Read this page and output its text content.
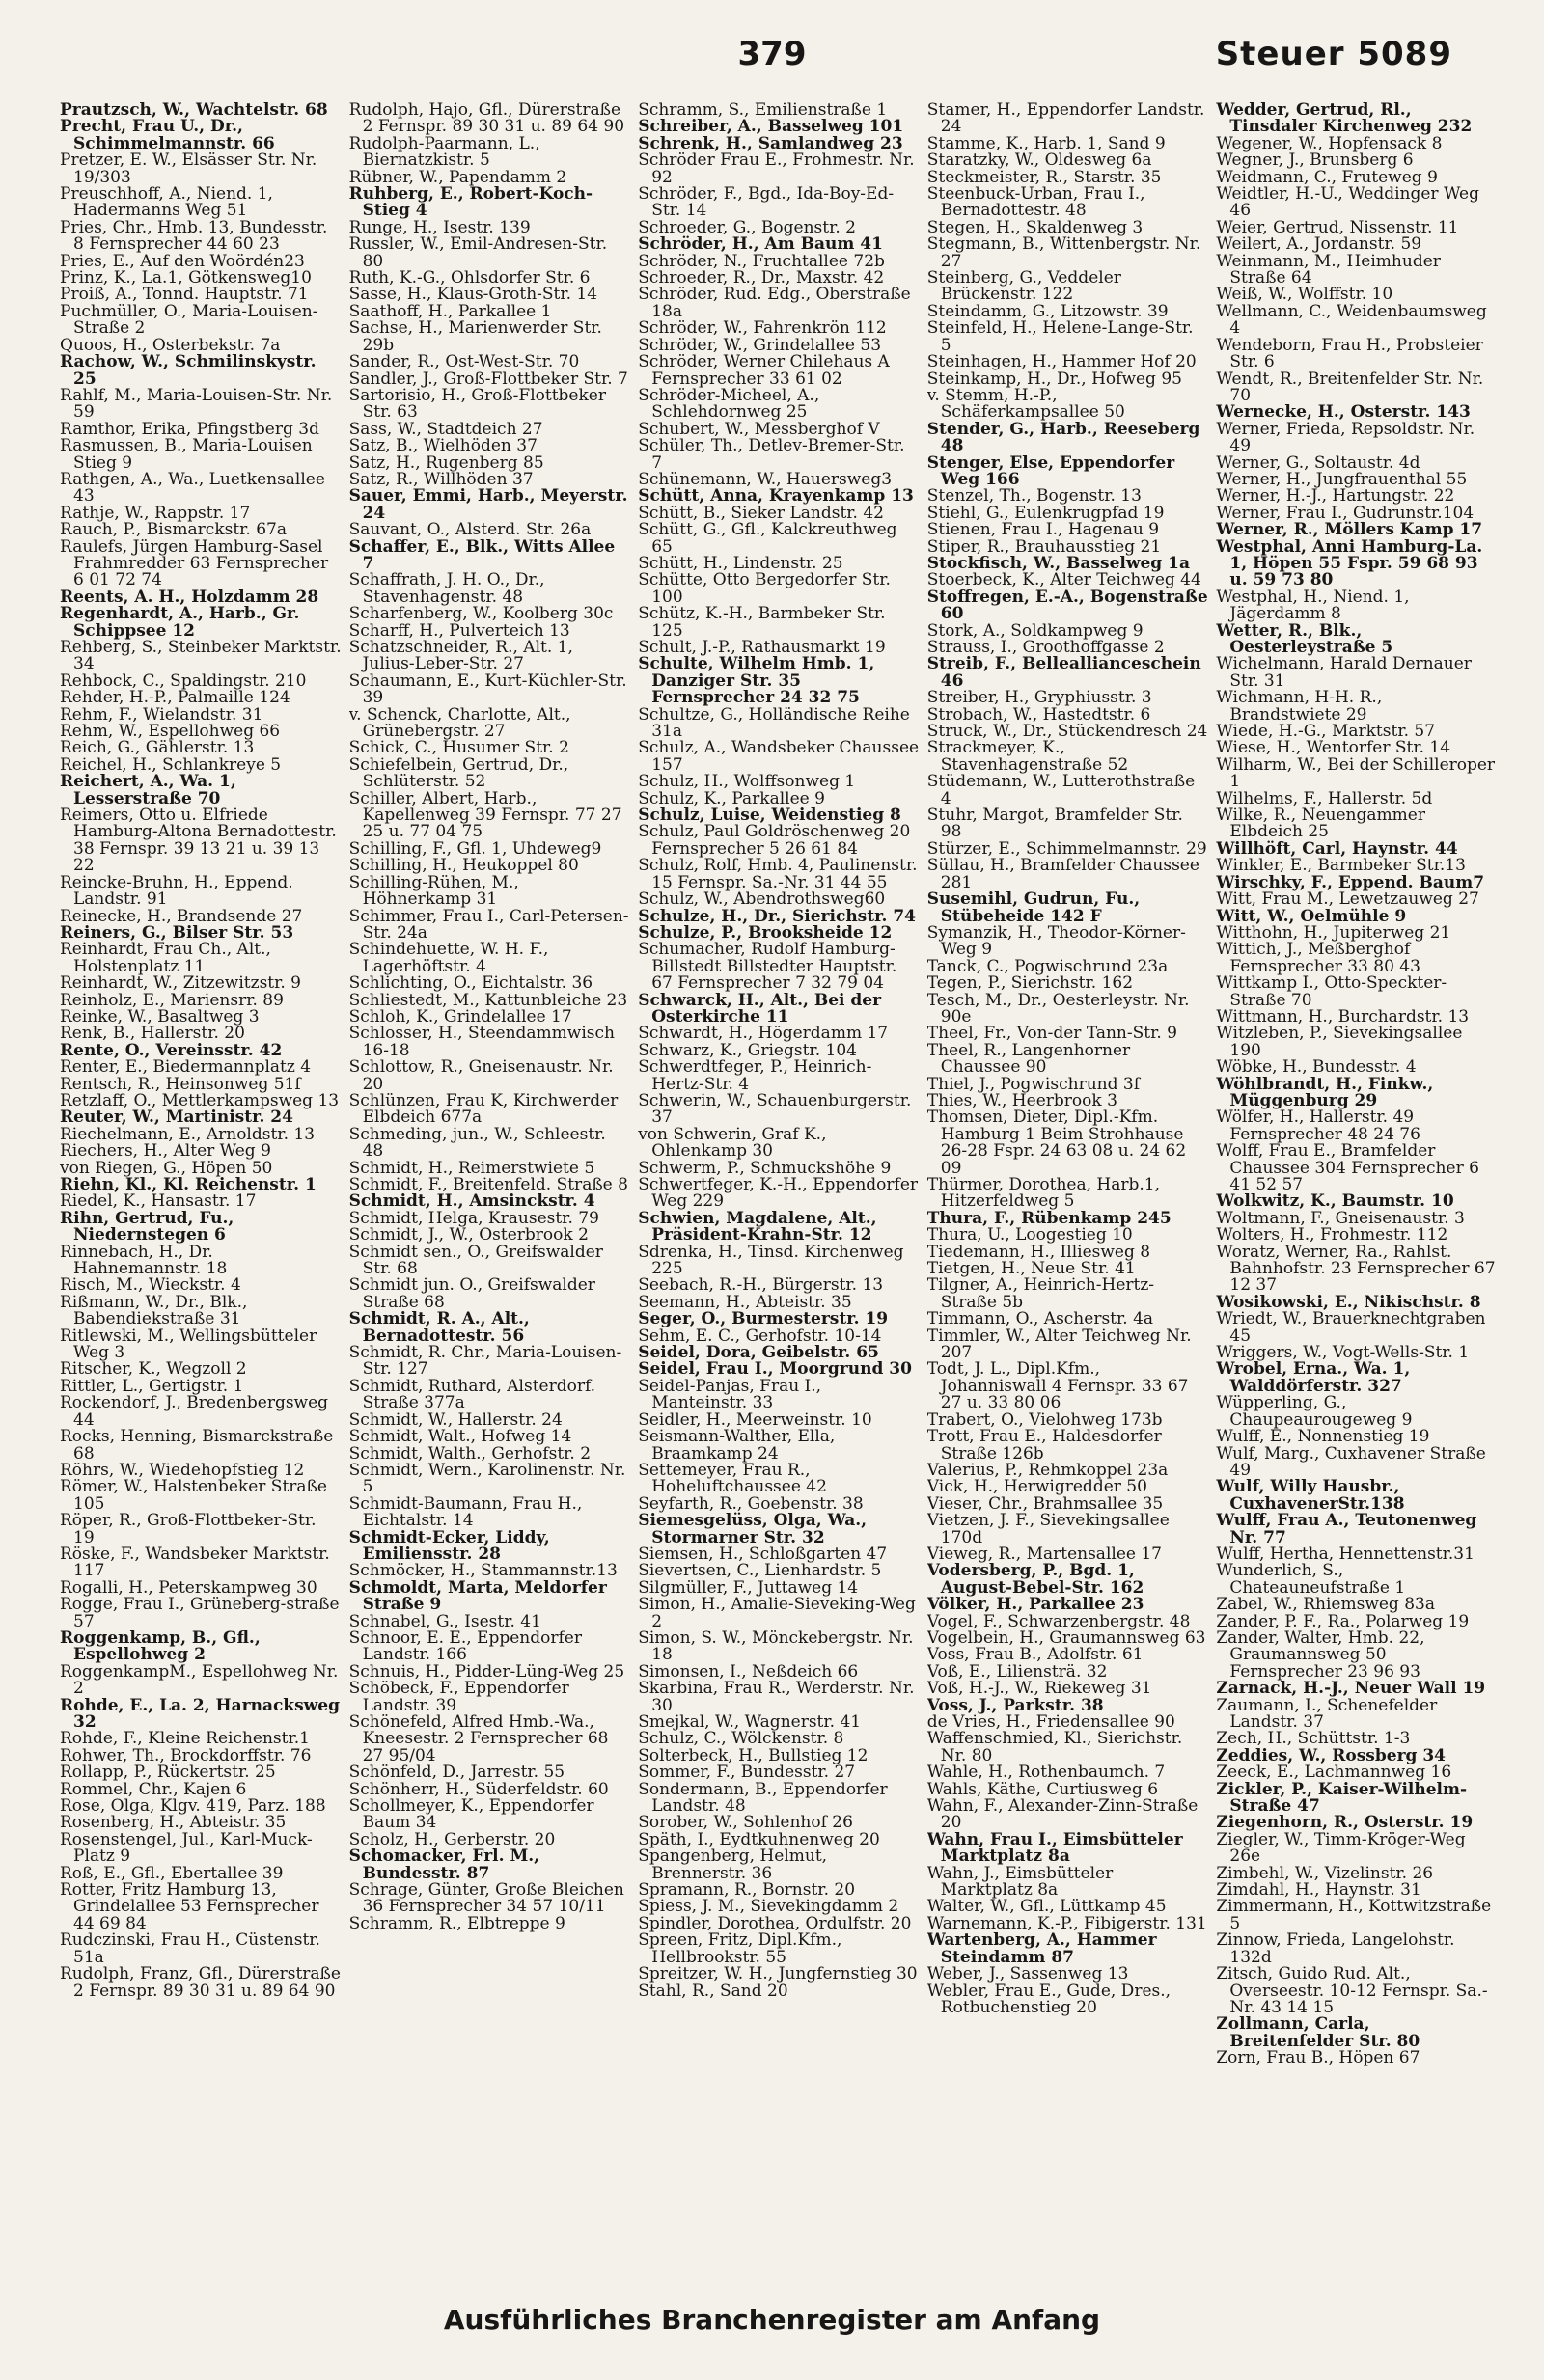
379	Steuer 5089

Prautzsch, W., Wachtelstr. 68

Precht, Frau U., Dr., Schimmelmannstr. 66

Pretzer, E. W., Elsässer Str. Nr. 19/303

Preuschhoff, A., Niend. 1, Hadermanns Weg 51

Pries, Chr., Hmb. 13, Bundesstr. 8 Fernsprecher 44 60 23

Pries, E., Auf den Woördén23

Prinz, K., La.1, Götkensweg10

Proiß, A., Tonnd. Hauptstr. 71

Puchmüller, O., Maria-Louisen-Straße 2

Quoos, H., Osterbekstr. 7a

Rachow, W., Schmilinskystr. 25

Rahlf, M., Maria-Louisen-Str. Nr. 59

Ramthor, Erika, Pfingstberg 3d

Rasmussen, B., Maria-Louisen Stieg 9

Rathgen, A., Wa., Luetkensallee 43

Rathje, W., Rappstr. 17

Rauch, P., Bismarckstr. 67a

Raulefs, Jürgen Hamburg-Sasel Frahmredder 63 Fernsprecher 6 01 72 74

Reents, A. H., Holzdamm 28

Regenhardt, A., Harb., Gr. Schippsee 12

Rehberg, S., Steinbeker Marktstr. 34

Rehbock, C., Spaldingstr. 210

Rehder, H.-P., Palmaille 124

Rehm, F., Wielandstr. 31

Rehm, W., Espellohweg 66

Reich, G., Gählerstr. 13

Reichel, H., Schlankreye 5

Reichert, A., Wa. 1, Lesserstraße 70

Reimers, Otto u. Elfriede Hamburg-Altona Bernadottestr. 38 Fernspr. 39 13 21 u. 39 13 22

Reincke-Bruhn, H., Eppend. Landstr. 91

Reinecke, H., Brandsende 27

Reiners, G., Bilser Str. 53

Reinhardt, Frau Ch., Alt., Holstenplatz 11

Reinhardt, W., Zitzewitzstr. 9

Reinholz, E., Mariensrr. 89

Reinke, W., Basaltweg 3

Renk, B., Hallerstr. 20

Rente, O., Vereinsstr. 42

Renter, E., Biedermannplatz 4

Rentsch, R., Heinsonweg 51f

Retzlaff, O., Mettlerkampsweg 13

Reuter, W., Martinistr. 24

Riechelmann, E., Arnoldstr. 13

Riechers, H., Alter Weg 9

von Riegen, G., Höpen 50

Riehn, Kl., Kl. Reichenstr. 1

Riedel, K., Hansastr. 17

Rihn, Gertrud, Fu., Niedernstegen 6

Rinnebach, H., Dr. Hahnemannstr. 18

Risch, M., Wieckstr. 4

Rißmann, W., Dr., Blk., Babendiekstraße 31

Ritlewski, M., Wellingsbütteler Weg 3

Ritscher, K., Wegzoll 2

Rittler, L., Gertigstr. 1

Rockendorf, J., Bredenbergsweg 44

Rocks, Henning, Bismarckstraße 68

Röhrs, W., Wiedehopfstieg 12

Römer, W., Halstenbeker Straße 105

Röper, R., Groß-Flottbeker-Str. 19

Röske, F., Wandsbeker Marktstr. 117

Rogalli, H., Peterskampweg 30

Rogge, Frau I., Grüneberg-straße 57

Roggenkamp, B., Gfl., Espellohweg 2

RoggenkampM., Espellohweg Nr. 2

Rohde, E., La. 2, Harnacksweg 32

Rohde, F., Kleine Reichenstr.1

Rohwer, Th., Brockdorffstr. 76

Rollapp, P., Rückertstr. 25

Rommel, Chr., Kajen 6

Rose, Olga, Klgv. 419, Parz. 188

Rosenberg, H., Abteistr. 35

Rosenstengel, Jul., Karl-Muck-Platz 9

Roß, E., Gfl., Ebertallee 39

Rotter, Fritz Hamburg 13, Grindelallee 53 Fernsprecher 44 69 84

Rudczinski, Frau H., Cüstenstr. 51a

Rudolph, Franz, Gfl., Dürerstraße 2 Fernspr. 89 30 31 u. 89 64 90

Rudolph, Hajo, Gfl., Dürerstraße 2 Fernspr. 89 30 31 u. 89 64 90

Rudolph-Paarmann, L., Biernatzkistr. 5

Rübner, W., Papendamm 2

Ruhberg, E., Robert-Koch-Stieg 4

Runge, H., Isestr. 139

Russler, W., Emil-Andresen-Str. 80

Ruth, K.-G., Ohlsdorfer Str. 6

Sasse, H., Klaus-Groth-Str. 14

Saathoff, H., Parkallee 1

Sachse, H., Marienwerder Str. 29b

Sander, R., Ost-West-Str. 70

Sandler, J., Groß-Flottbeker Str. 7

Sartorisio, H., Groß-Flottbeker Str. 63

Sass, W., Stadtdeich 27

Satz, B., Wielhöden 37

Satz, H., Rugenberg 85

Satz, R., Willhöden 37

Sauer, Emmi, Harb., Meyerstr. 24

Sauvant, O., Alsterd. Str. 26a

Schaffer, E., Blk., Witts Allee 7

Schaffrath, J. H. O., Dr., Stavenhagenstr. 48

Scharfenberg, W., Koolberg 30c

Scharff, H., Pulverteich 13

Schatzschneider, R., Alt. 1, Julius-Leber-Str. 27

Schaumann, E., Kurt-Küchler-Str. 39

v. Schenck, Charlotte, Alt., Grünebergstr. 27

Schick, C., Husumer Str. 2

Schiefelbein, Gertrud, Dr., Schlüterstr. 52

Schiller, Albert, Harb., Kapellenweg 39 Fernspr. 77 27 25 u. 77 04 75

Schilling, F., Gfl. 1, Uhdeweg9

Schilling, H., Heukoppel 80

Schilling-Rühen, M., Höhnerkamp 31

Schimmer, Frau I., Carl-Petersen-Str. 24a

Schindehuette, W. H. F., Lagerhöftstr. 4

Schlichting, O., Eichtalstr. 36

Schliestedt, M., Kattunbleiche 23

Schloh, K., Grindelallee 17

Schlosser, H., Steendammwisch 16-18

Schlottow, R., Gneisenaustr. Nr. 20

Schlünzen, Frau K, Kirchwerder Elbdeich 677a

Schmeding, jun., W., Schleestr. 48

Schmidt, H., Reimerstwiete 5

Schmidt, F., Breitenfeld. Straße 8

Schmidt, H., Amsinckstr. 4

Schmidt, Helga, Krausestr. 79

Schmidt, J., W., Osterbrook 2

Schmidt sen., O., Greifswalder Str. 68

Schmidt jun. O., Greifswalder Straße 68

Schmidt, R. A., Alt., Bernadottestr. 56

Schmidt, R. Chr., Maria-Louisen-Str. 127

Schmidt, Ruthard, Alsterdorf. Straße 377a

Schmidt, W., Hallerstr. 24

Schmidt, Walt., Hofweg 14

Schmidt, Walth., Gerhofstr. 2

Schmidt, Wern., Karolinenstr. Nr. 5

Schmidt-Baumann, Frau H., Eichtalstr. 14

Schmidt-Ecker, Liddy, Emiliensstr. 28

Schmöcker, H., Stammannstr.13

Schmoldt, Marta, Meldorfer Straße 9

Schnabel, G., Isestr. 41

Schnoor, E. E., Eppendorfer Landstr. 166

Schnuis, H., Pidder-Lüng-Weg 25

Schöbeck, F., Eppendorfer Landstr. 39

Schönefeld, Alfred Hmb.-Wa., Kneesestr. 2 Fernsprecher 68 27 95/04

Schönfeld, D., Jarrestr. 55

Schönherr, H., Süderfeldstr. 60

Schollmeyer, K., Eppendorfer Baum 34

Scholz, H., Gerberstr. 20

Schomacker, Frl. M., Bundesstr. 87

Schrage, Günter, Große Bleichen 36 Fernsprecher 34 57 10/11

Schramm, R., Elbtreppe 9

Schramm, S., Emilienstraße 1

Schreiber, A., Basselweg 101

Schrenk, H., Samlandweg 23

Schröder Frau E., Frohmestr. Nr. 92

Schröder, F., Bgd., Ida-Boy-Ed-Str. 14

Schroeder, G., Bogenstr. 2

Schröder, H., Am Baum 41

Schröder, N., Fruchtallee 72b

Schroeder, R., Dr., Maxstr. 42

Schröder, Rud. Edg., Oberstraße 18a

Schröder, W., Fahrenkrön 112

Schröder, W., Grindelallee 53

Schröder, Werner Chilehaus A Fernsprecher 33 61 02

Schröder-Micheel, A., Schlehdornweg 25

Schubert, W., Messberghof V

Schüler, Th., Detlev-Bremer-Str. 7

Schünemann, W., Hauersweg3

Schütt, Anna, Krayenkamp 13

Schütt, B., Sieker Landstr. 42

Schütt, G., Gfl., Kalckreuthweg 65

Schütt, H., Lindenstr. 25

Schütte, Otto Bergedorfer Str. 100

Schütz, K.-H., Barmbeker Str. 125

Schult, J.-P., Rathausmarkt 19

Schulte, Wilhelm Hmb. 1, Danziger Str. 35 Fernsprecher 24 32 75

Schultze, G., Holländische Reihe 31a

Schulz, A., Wandsbeker Chaussee 157

Schulz, H., Wolffsonweg 1

Schulz, K., Parkallee 9

Schulz, Luise, Weidenstieg 8

Schulz, Paul Goldröschenweg 20 Fernsprecher 5 26 61 84

Schulz, Rolf, Hmb. 4, Paulinenstr. 15 Fernspr. Sa.-Nr. 31 44 55

Schulz, W., Abendrothsweg60

Schulze, H., Dr., Sierichstr. 74

Schulze, P., Brooksheide 12

Schumacher, Rudolf Hamburg-Billstedt Billstedter Hauptstr. 67 Fernsprecher 7 32 79 04

Schwarck, H., Alt., Bei der Osterkirche 11

Schwardt, H., Högerdamm 17

Schwarz, K., Griegstr. 104

Schwerdtfeger, P., Heinrich-Hertz-Str. 4

Schwerin, W., Schauenburgerstr. 37

von Schwerin, Graf K., Ohlenkamp 30

Schwerm, P., Schmuckshöhe 9

Schwertfeger, K.-H., Eppendorfer Weg 229

Schwien, Magdalene, Alt., Präsident-Krahn-Str. 12

Sdrenka, H., Tinsd. Kirchenweg 225

Seebach, R.-H., Bürgerstr. 13

Seemann, H., Abteistr. 35

Seger, O., Burmesterstr. 19

Sehm, E. C., Gerhofstr. 10-14

Seidel, Dora, Geibelstr. 65

Seidel, Frau I., Moorgrund 30

Seidel-Panjas, Frau I., Manteinstr. 33

Seidler, H., Meerweinstr. 10

Seismann-Walther, Ella, Braamkamp 24

Settemeyer, Frau R., Hoheluftchaussee 42

Seyfarth, R., Goebenstr. 38

Siemesgelüss, Olga, Wa., Stormarner Str. 32

Siemsen, H., Schloßgarten 47

Sievertsen, C., Lienhardstr. 5

Silgmüller, F., Juttaweg 14

Simon, H., Amalie-Sieveking-Weg 2

Simon, S. W., Mönckebergstr. Nr. 18

Simonsen, I., Neßdeich 66

Skarbina, Frau R., Werderstr. Nr. 30

Smejkal, W., Wagnerstr. 41

Schulz, C., Wölckenstr. 8

Solterbeck, H., Bullstieg 12

Sommer, F., Bundesstr. 27

Sondermann, B., Eppendorfer Landstr. 48

Sorober, W., Sohlenhof 26

Späth, I., Eydtkuhnenweg 20

Spangenberg, Helmut, Brennerstr. 36

Spramann, R., Bornstr. 20

Spiess, J. M., Sievekingdamm 2

Spindler, Dorothea, Ordulfstr. 20

Spreen, Fritz, Dipl.Kfm., Hellbrookstr. 55

Spreitzer, W. H., Jungfernstieg 30

Stahl, R., Sand 20

Stamer, H., Eppendorfer Landstr. 24

Stamme, K., Harb. 1, Sand 9

Staratzky, W., Oldesweg 6a

Steckmeister, R., Starstr. 35

Steenbuck-Urban, Frau I., Bernadottestr. 48

Stegen, H., Skaldenweg 3

Stegmann, B., Wittenbergstr. Nr. 27

Steinberg, G., Veddeler Brückenstr. 122

Steindamm, G., Litzowstr. 39

Steinfeld, H., Helene-Lange-Str. 5

Steinhagen, H., Hammer Hof 20

Steinkamp, H., Dr., Hofweg 95

v. Stemm, H.-P., Schäferkampsallee 50

Stender, G., Harb., Reeseberg 48

Stenger, Else, Eppendorfer Weg 166

Stenzel, Th., Bogenstr. 13

Stiehl, G., Eulenkrugpfad 19

Stienen, Frau I., Hagenau 9

Stiper, R., Brauhausstieg 21

Stockfisch, W., Basselweg 1a

Stoerbeck, K., Alter Teichweg 44

Stoffregen, E.-A., Bogenstraße 60

Stork, A., Soldkampweg 9

Strauss, I., Groothoffgasse 2

Streib, F., Belleallianceschein 46

Streiber, H., Gryphiusstr. 3

Strobach, W., Hastedtstr. 6

Struck, W., Dr., Stückendresch 24

Strackmeyer, K., Stavenhagenstraße 52

Stüdemann, W., Lutterothstraße 4

Stuhr, Margot, Bramfelder Str. 98

Stürzer, E., Schimmelmannstr. 29

Süllau, H., Bramfelder Chaussee 281

Susemihl, Gudrun, Fu., Stübeheide 142 F

Symanzik, H., Theodor-Körner-Weg 9

Tanck, C., Pogwischrund 23a

Tegen, P., Sierichstr. 162

Tesch, M., Dr., Oesterleystr. Nr. 90e

Theel, Fr., Von-der Tann-Str. 9

Theel, R., Langenhorner Chaussee 90

Thiel, J., Pogwischrund 3f

Thies, W., Heerbrook 3

Thomsen, Dieter, Dipl.-Kfm. Hamburg 1 Beim Strohhause 26-28 Fspr. 24 63 08 u. 24 62 09

Thürmer, Dorothea, Harb.1, Hitzerfeldweg 5

Thura, F., Rübenkamp 245

Thura, U., Loogestieg 10

Tiedemann, H., Illiesweg 8

Tietgen, H., Neue Str. 41

Tilgner, A., Heinrich-Hertz-Straße 5b

Timmann, O., Ascherstr. 4a

Timmler, W., Alter Teichweg Nr. 207

Todt, J. L., Dipl.Kfm., Johanniswall 4 Fernspr. 33 67 27 u. 33 80 06

Trabert, O., Vielohweg 173b

Trott, Frau E., Haldesdorfer Straße 126b

Valerius, P., Rehmkoppel 23a

Vick, H., Herwigredder 50

Vieser, Chr., Brahmsallee 35

Vietzen, J. F., Sievekingsallee 170d

Vieweg, R., Martensallee 17

Vodersberg, P., Bgd. 1, August-Bebel-Str. 162

Völker, H., Parkallee 23

Vogel, F., Schwarzenbergstr. 48

Vogelbein, H., Graumannsweg 63

Voss, Frau B., Adolfstr. 61

Voß, E., Liliensträ. 32

Voß, H.-J., W., Riekeweg 31

Voss, J., Parkstr. 38

de Vries, H., Friedensallee 90

Waffenschmied, Kl., Sierichstr. Nr. 80

Wahle, H., Rothenbaumch. 7

Wahls, Käthe, Curtiusweg 6

Wahn, F., Alexander-Zinn-Straße 20

Wahn, Frau I., Eimsbütteler Marktplatz 8a

Wahn, J., Eimsbütteler Marktplatz 8a

Walter, W., Gfl., Lüttkamp 45

Warnemann, K.-P., Fibigerstr. 131

Wartenberg, A., Hammer Steindamm 87

Weber, J., Sassenweg 13

Webler, Frau E., Gude, Dres., Rotbuchenstieg 20

Wedder, Gertrud, Rl., Tinsdaler Kirchenweg 232

Wegener, W., Hopfensack 8

Wegner, J., Brunsberg 6

Weidmann, C., Fruteweg 9

Weidtler, H.-U., Weddinger Weg 46

Weier, Gertrud, Nissenstr. 11

Weilert, A., Jordanstr. 59

Weinmann, M., Heimhuder Straße 64

Weiß, W., Wolffstr. 10

Wellmann, C., Weidenbaumsweg 4

Wendeborn, Frau H., Probsteier Str. 6

Wendt, R., Breitenfelder Str. Nr. 70

Wernecke, H., Osterstr. 143

Werner, Frieda, Repsoldstr. Nr. 49

Werner, G., Soltaustr. 4d

Werner, H., Jungfrauenthal 55

Werner, H.-J., Hartungstr. 22

Werner, Frau I., Gudrunstr.104

Werner, R., Möllers Kamp 17

Westphal, Anni Hamburg-La. 1, Höpen 55 Fspr. 59 68 93 u. 59 73 80

Westphal, H., Niend. 1, Jägerdamm 8

Wetter, R., Blk., Oesterleystraße 5

Wichelmann, Harald Dernauer Str. 31

Wichmann, H-H. R., Brandstwiete 29

Wiede, H.-G., Marktstr. 57

Wiese, H., Wentorfer Str. 14

Wilharm, W., Bei der Schilleroper 1

Wilhelms, F., Hallerstr. 5d

Wilke, R., Neuengammer Elbdeich 25

Willhöft, Carl, Haynstr. 44

Winkler, E., Barmbeker Str.13

Wirschky, F., Eppend. Baum7

Witt, Frau M., Lewetzauweg 27

Witt, W., Oelmühle 9

Witthohn, H., Jupiterweg 21

Wittich, J., Meßberghof Fernsprecher 33 80 43

Wittkamp I., Otto-Speckter-Straße 70

Wittmann, H., Burchardstr. 13

Witzleben, P., Sievekingsallee 190

Wöbke, H., Bundesstr. 4

Wöhlbrandt, H., Finkw., Müggenburg 29

Wölfer, H., Hallerstr. 49 Fernsprecher 48 24 76

Wolff, Frau E., Bramfelder Chaussee 304 Fernsprecher 6 41 52 57

Wolkwitz, K., Baumstr. 10

Woltmann, F., Gneisenaustr. 3

Wolters, H., Frohmestr. 112

Woratz, Werner, Ra., Rahlst. Bahnhofstr. 23 Fernsprecher 67 12 37

Wosikowski, E., Nikischstr. 8

Wriedt, W., Brauerknechtgraben 45

Wriggers, W., Vogt-Wells-Str. 1

Wrobel, Erna., Wa. 1, Walddörferstr. 327

Wüpperling, G., Chaupeaurougeweg 9

Wulff, E., Nonnenstieg 19

Wulf, Marg., Cuxhavener Straße 49

Wulf, Willy Hausbr., CuxhavenerStr.138

Wulff, Frau A., Teutonenweg Nr. 77

Wulff, Hertha, Hennettenstr.31

Wunderlich, S., Chateauneufstraße 1

Zabel, W., Rhiemsweg 83a

Zander, P. F., Ra., Polarweg 19

Zander, Walter, Hmb. 22, Graumannsweg 50 Fernsprecher 23 96 93

Zarnack, H.-J., Neuer Wall 19

Zaumann, I., Schenefelder Landstr. 37

Zech, H., Schüttstr. 1-3

Zeddies, W., Rossberg 34

Zeeck, E., Lachmannweg 16

Zickler, P., Kaiser-Wilhelm-Straße 47

Ziegenhorn, R., Osterstr. 19

Ziegler, W., Timm-Kröger-Weg 26e

Zimbehl, W., Vizelinstr. 26

Zimdahl, H., Haynstr. 31

Zimmermann, H., Kottwitzstraße 5

Zinnow, Frieda, Langelohstr. 132d

Zitsch, Guido Rud. Alt., Overseestr. 10-12 Fernspr. Sa.-Nr. 43 14 15

Zollmann, Carla, Breitenfelder Str. 80

Zorn, Frau B., Höpen 67

Ausführliches Branchenregister am Anfang
